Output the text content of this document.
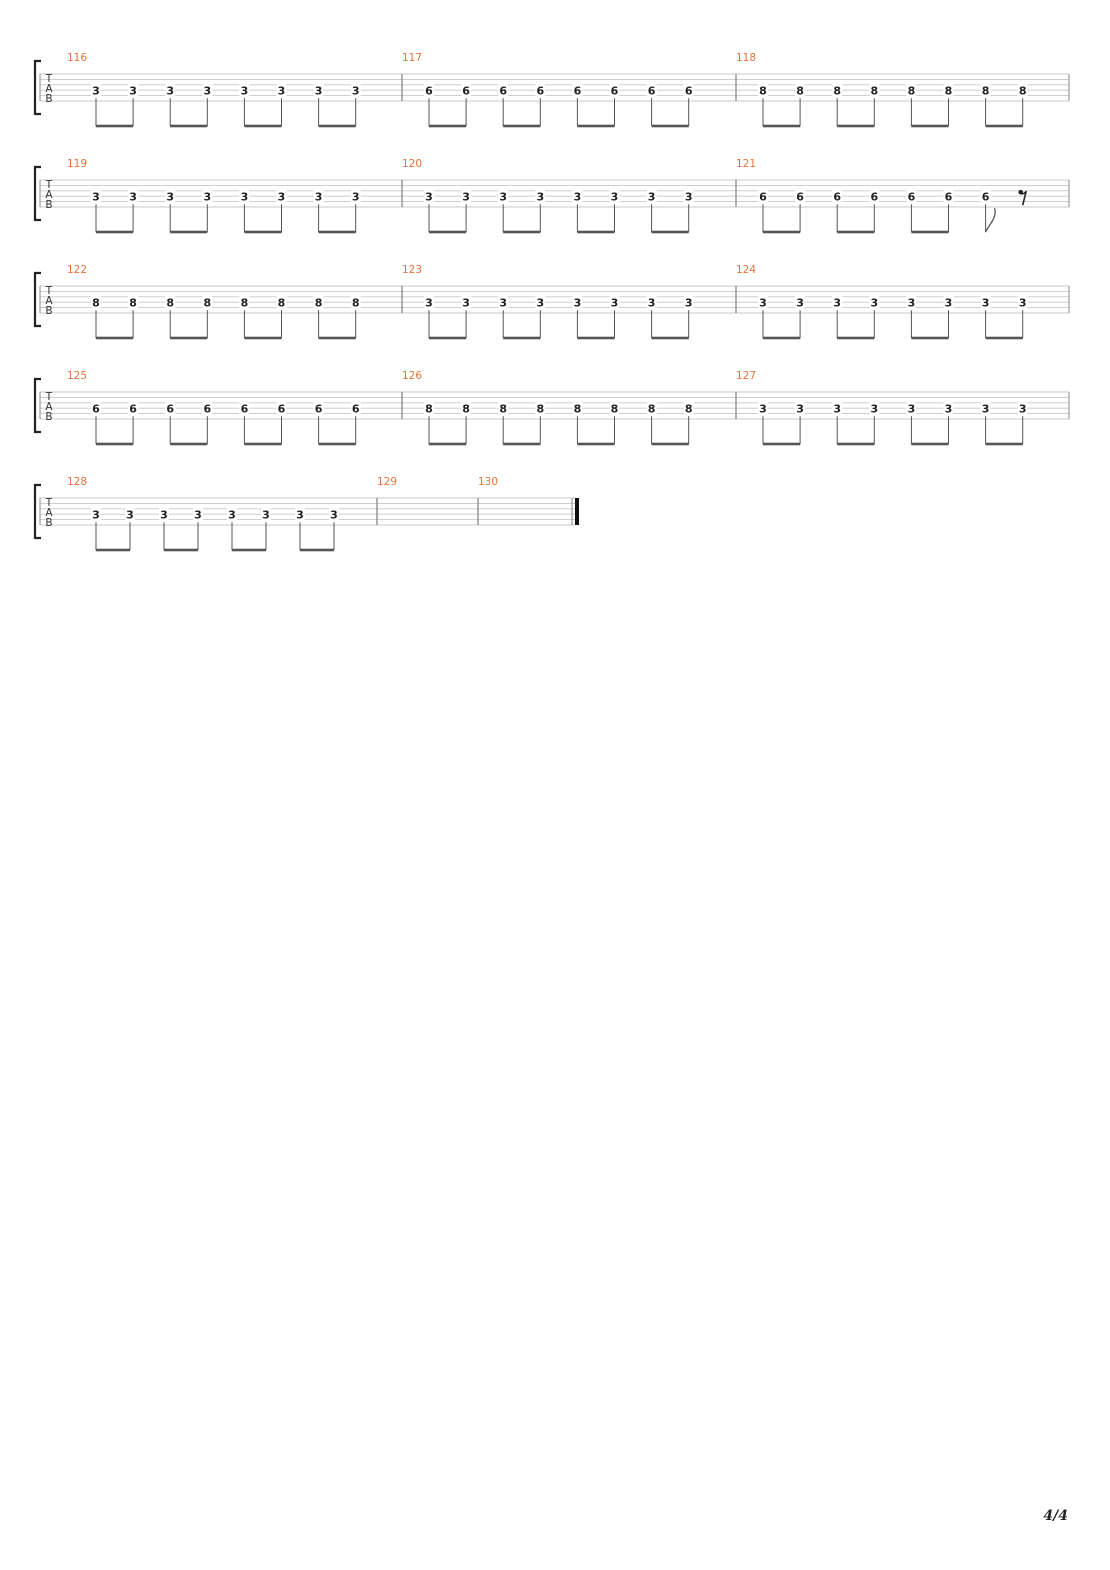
T
A
B
116
3	3	3	3	3	3	3	3
117
6	6	6	6	6	6	6	6
118
8	8	8	8	8	8	8	8
T
A
B
119
3	3	3	3	3	3	3	3
120
3	3	3	3	3	3	3	3
121
6	6	6	6	6	6	6
T
A
B
122
8	8	8	8	8	8	8	8
123
3	3	3	3	3	3	3	3
124
3	3	3	3	3	3	3	3
T
A
B
125
6	6	6	6	6	6	6	6
126
8	8	8	8	8	8	8	8
127
3	3	3	3	3	3	3	3
T
A
B
128
3 3 3 3 3 3 3 3
129	130

4/4
